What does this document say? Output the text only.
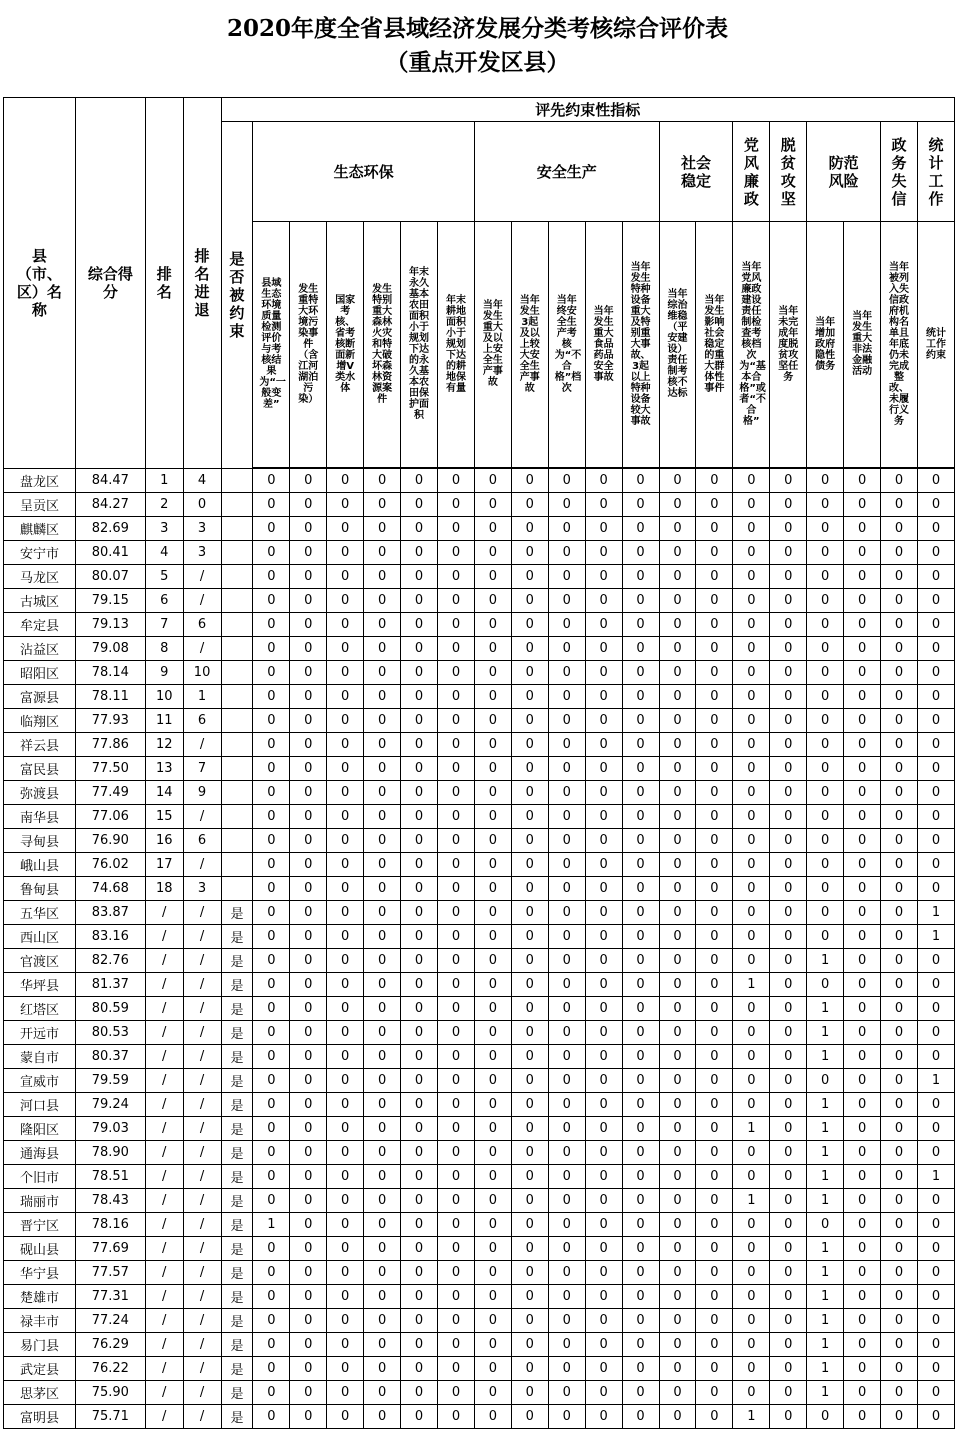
2020年度全省县域经济发展分类考核综合评价表
（重点开发区县）
县（市、区）名称	综合得分	排名	排名进退	评先约束性指标																			
				是否被约束	生态环保						安全生产					社会稳定		党风廉政	脱贫攻坚	防范风险		政务失信	统计工作
					县域生态环境质量检测评价与考核结果为“一般变差”	发生重特大环境污染事件（含江河湖泊污染）	国家考核、省考核断面新增Ⅴ类水体	发生特别重大森林火灾和特大破坏森林资源案件	年末永久基本农田面积小于规划下达的永久基本农田保护面积	年末耕地面积小于规划下达的耕地保有量	当年发生重大及以上安全生产事故	当年发生3起及以上较大安全生产事故	当年终安全生产考核为“不合格”档次	当年发生重大食品药品安全事故	当年发生特种设备重大及特别重大事故、3起以上特种设备较大事故	当年综治维稳（平安建设）责任制考核不达标	当年发生影响社会稳定的重大群体性事件	当年党风廉政建设责任制检查考核档次为“基本合格”或者“不合格”	当年未完成年度脱贫攻坚任务	当年增加政府隐性债务	当年发生重大非法金融活动	当年被列入失信政府机构名单且年底仍未完成整改、未履行义务	统计工作约束

盘龙区	84.47	1	4		0	0	0	0	0	0	0	0	0	0	0	0	0	0	0	0	0	0	0
呈贡区	84.27	2	0		0	0	0	0	0	0	0	0	0	0	0	0	0	0	0	0	0	0	0
麒麟区	82.69	3	3		0	0	0	0	0	0	0	0	0	0	0	0	0	0	0	0	0	0	0
安宁市	80.41	4	3		0	0	0	0	0	0	0	0	0	0	0	0	0	0	0	0	0	0	0
马龙区	80.07	5	/		0	0	0	0	0	0	0	0	0	0	0	0	0	0	0	0	0	0	0
古城区	79.15	6	/		0	0	0	0	0	0	0	0	0	0	0	0	0	0	0	0	0	0	0
牟定县	79.13	7	6		0	0	0	0	0	0	0	0	0	0	0	0	0	0	0	0	0	0	0
沾益区	79.08	8	/		0	0	0	0	0	0	0	0	0	0	0	0	0	0	0	0	0	0	0
昭阳区	78.14	9	10		0	0	0	0	0	0	0	0	0	0	0	0	0	0	0	0	0	0	0
富源县	78.11	10	1		0	0	0	0	0	0	0	0	0	0	0	0	0	0	0	0	0	0	0
临翔区	77.93	11	6		0	0	0	0	0	0	0	0	0	0	0	0	0	0	0	0	0	0	0
祥云县	77.86	12	/		0	0	0	0	0	0	0	0	0	0	0	0	0	0	0	0	0	0	0
富民县	77.50	13	7		0	0	0	0	0	0	0	0	0	0	0	0	0	0	0	0	0	0	0
弥渡县	77.49	14	9		0	0	0	0	0	0	0	0	0	0	0	0	0	0	0	0	0	0	0
南华县	77.06	15	/		0	0	0	0	0	0	0	0	0	0	0	0	0	0	0	0	0	0	0
寻甸县	76.90	16	6		0	0	0	0	0	0	0	0	0	0	0	0	0	0	0	0	0	0	0
峨山县	76.02	17	/		0	0	0	0	0	0	0	0	0	0	0	0	0	0	0	0	0	0	0
鲁甸县	74.68	18	3		0	0	0	0	0	0	0	0	0	0	0	0	0	0	0	0	0	0	0
五华区	83.87	/	/	是	0	0	0	0	0	0	0	0	0	0	0	0	0	0	0	0	0	0	1
西山区	83.16	/	/	是	0	0	0	0	0	0	0	0	0	0	0	0	0	0	0	0	0	0	1
官渡区	82.76	/	/	是	0	0	0	0	0	0	0	0	0	0	0	0	0	0	0	1	0	0	0
华坪县	81.37	/	/	是	0	0	0	0	0	0	0	0	0	0	0	0	0	1	0	0	0	0	0
红塔区	80.59	/	/	是	0	0	0	0	0	0	0	0	0	0	0	0	0	0	0	1	0	0	0
开远市	80.53	/	/	是	0	0	0	0	0	0	0	0	0	0	0	0	0	0	0	1	0	0	0
蒙自市	80.37	/	/	是	0	0	0	0	0	0	0	0	0	0	0	0	0	0	0	1	0	0	0
宣威市	79.59	/	/	是	0	0	0	0	0	0	0	0	0	0	0	0	0	0	0	0	0	0	1
河口县	79.24	/	/	是	0	0	0	0	0	0	0	0	0	0	0	0	0	0	0	1	0	0	0
隆阳区	79.03	/	/	是	0	0	0	0	0	0	0	0	0	0	0	0	0	1	0	1	0	0	0
通海县	78.90	/	/	是	0	0	0	0	0	0	0	0	0	0	0	0	0	0	0	1	0	0	0
个旧市	78.51	/	/	是	0	0	0	0	0	0	0	0	0	0	0	0	0	0	0	1	0	0	1
瑞丽市	78.43	/	/	是	0	0	0	0	0	0	0	0	0	0	0	0	0	1	0	1	0	0	0
晋宁区	78.16	/	/	是	1	0	0	0	0	0	0	0	0	0	0	0	0	0	0	0	0	0	0
砚山县	77.69	/	/	是	0	0	0	0	0	0	0	0	0	0	0	0	0	0	0	1	0	0	0
华宁县	77.57	/	/	是	0	0	0	0	0	0	0	0	0	0	0	0	0	0	0	1	0	0	0
楚雄市	77.31	/	/	是	0	0	0	0	0	0	0	0	0	0	0	0	0	0	0	1	0	0	0
禄丰市	77.24	/	/	是	0	0	0	0	0	0	0	0	0	0	0	0	0	0	0	1	0	0	0
易门县	76.29	/	/	是	0	0	0	0	0	0	0	0	0	0	0	0	0	0	0	1	0	0	0
武定县	76.22	/	/	是	0	0	0	0	0	0	0	0	0	0	0	0	0	0	0	1	0	0	0
思茅区	75.90	/	/	是	0	0	0	0	0	0	0	0	0	0	0	0	0	0	0	1	0	0	0
富明县	75.71	/	/	是	0	0	0	0	0	0	0	0	0	0	0	0	0	1	0	0	0	0	0
